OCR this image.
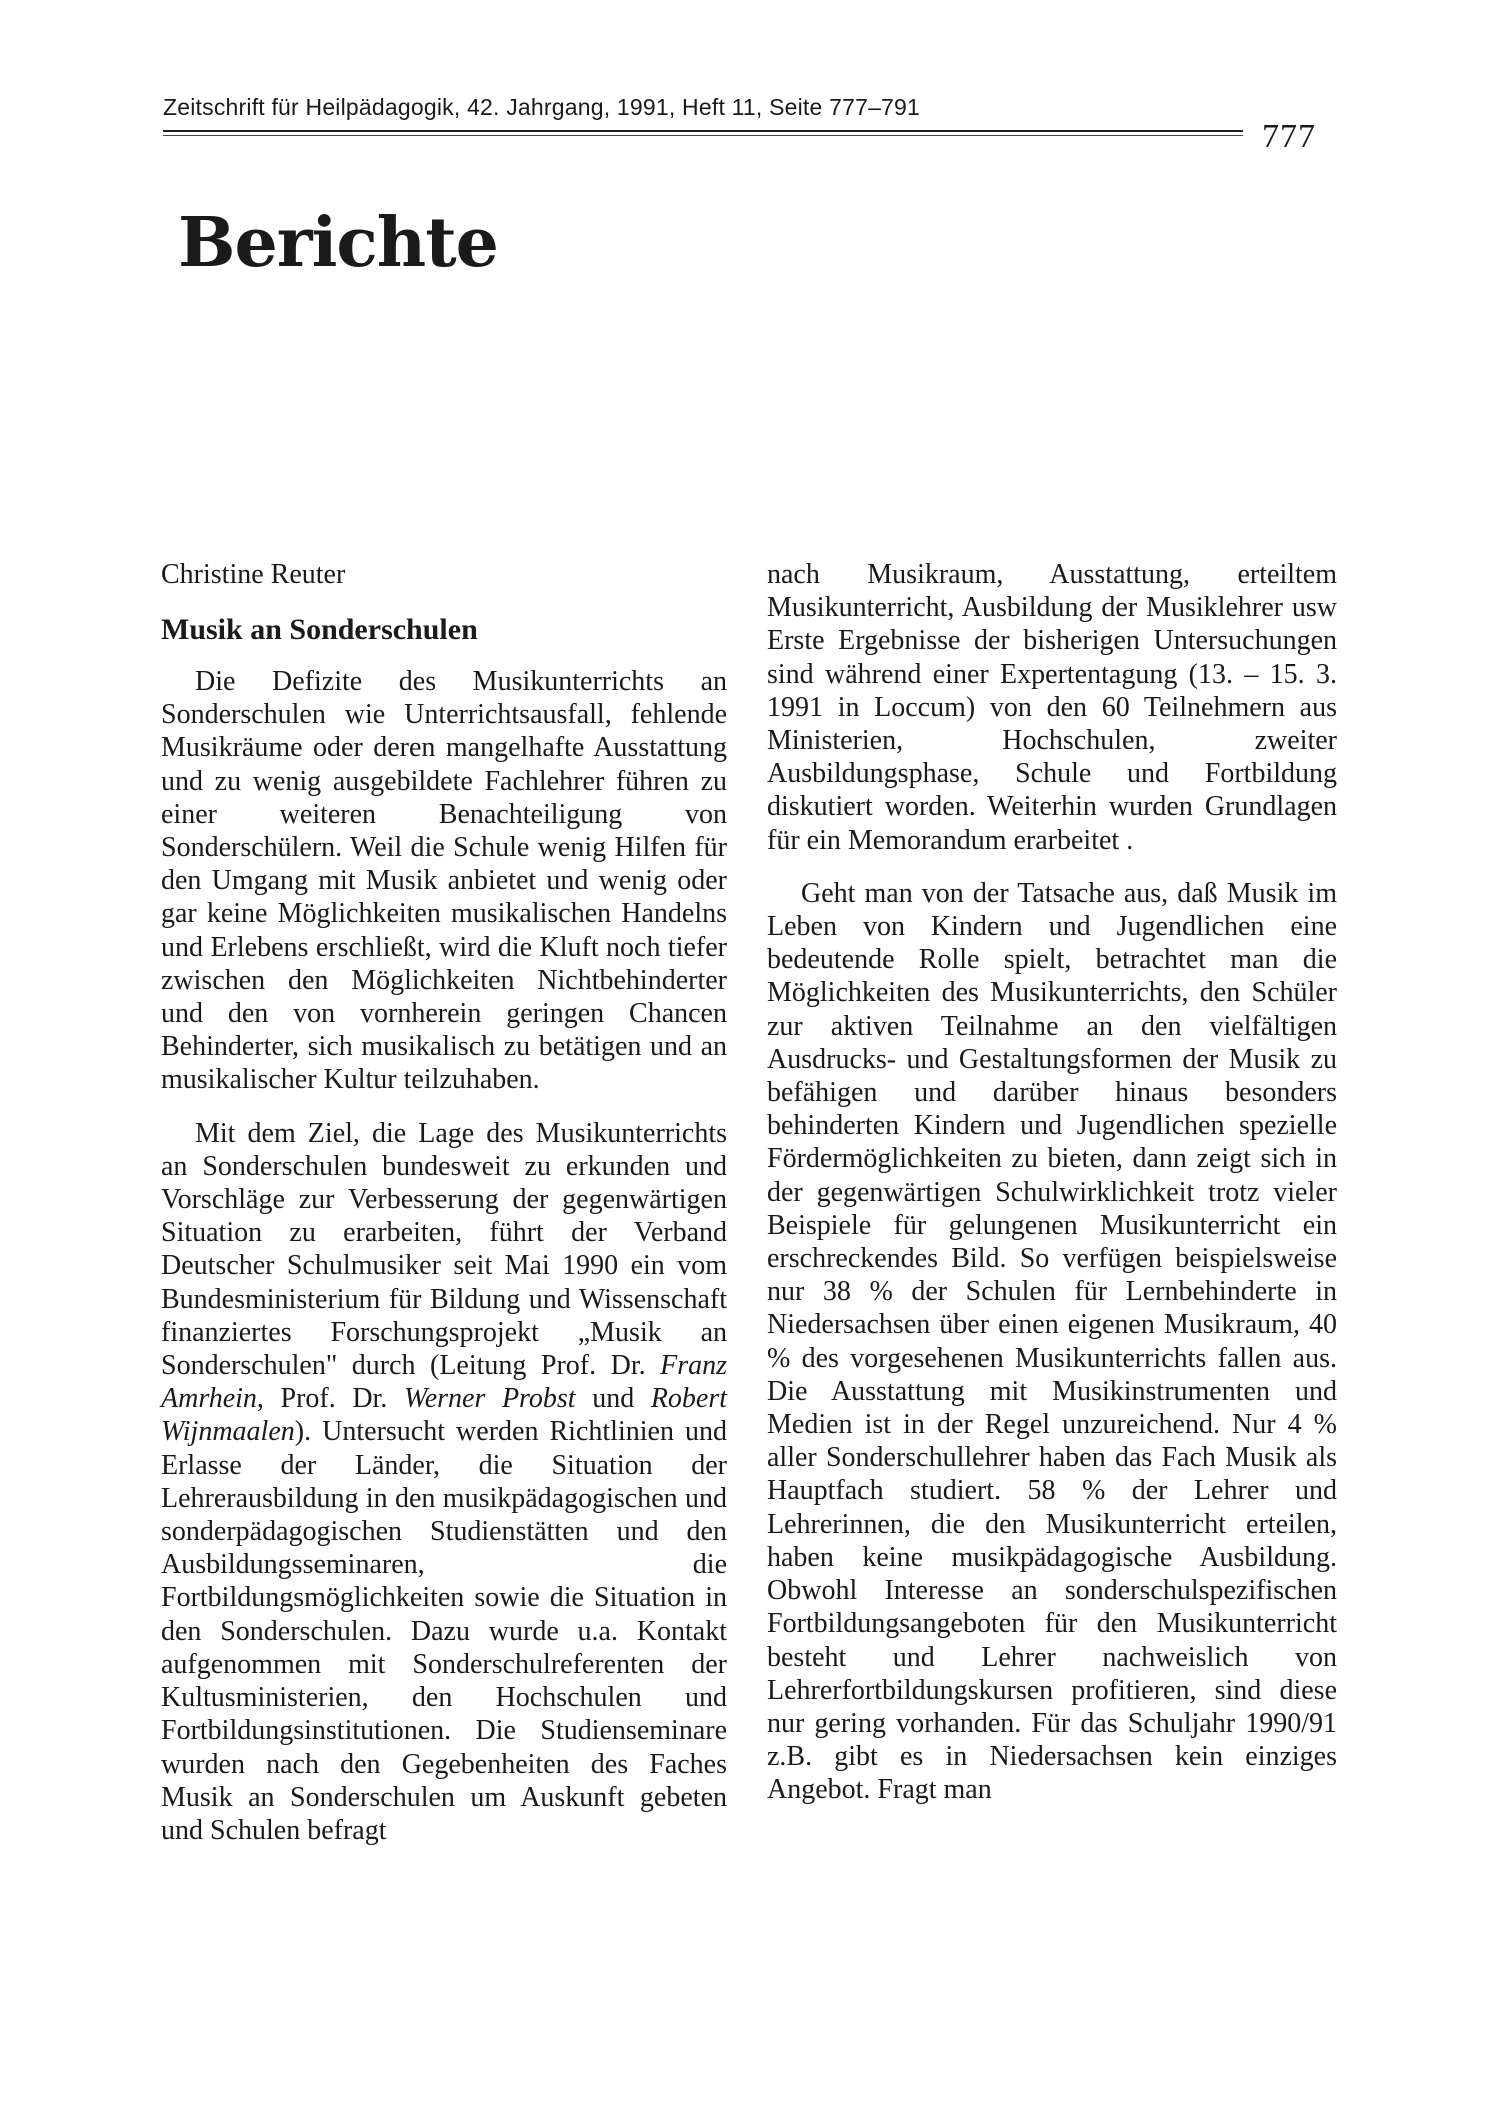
Zeitschrift für Heilpädagogik, 42. Jahrgang, 1991, Heft 11, Seite 777–791
777
Berichte
Christine Reuter
Musik an Sonderschulen

Die Defizite des Musikunterrichts an Sonderschulen wie Unterrichtsausfall, fehlende Musikräume oder deren mangelhafte Ausstattung und zu wenig ausgebildete Fachlehrer führen zu einer weiteren Benachteiligung von Sonderschülern. Weil die Schule wenig Hilfen für den Umgang mit Musik anbietet und wenig oder gar keine Möglichkeiten musikalischen Handelns und Erlebens erschließt, wird die Kluft noch tiefer zwischen den Möglichkeiten Nichtbehinderter und den von vornherein geringen Chancen Behinderter, sich musikalisch zu betätigen und an musikalischer Kultur teilzuhaben.

Mit dem Ziel, die Lage des Musikunterrichts an Sonderschulen bundesweit zu erkunden und Vorschläge zur Verbesserung der gegenwärtigen Situation zu erarbeiten, führt der Verband Deutscher Schulmusiker seit Mai 1990 ein vom Bundesministerium für Bildung und Wissenschaft finanziertes Forschungsprojekt „Musik an Sonderschulen" durch (Leitung Prof. Dr. Franz Amrhein, Prof. Dr. Werner Probst und Robert Wijnmaalen). Untersucht werden Richtlinien und Erlasse der Länder, die Situation der Lehrerausbildung in den musikpädagogischen und sonderpädagogischen Studienstätten und den Ausbildungsseminaren, die Fortbildungsmöglichkeiten sowie die Situation in den Sonderschulen. Dazu wurde u.a. Kontakt aufgenommen mit Sonderschulreferenten der Kultusministerien, den Hochschulen und Fortbildungsinstitutionen. Die Studienseminare wurden nach den Gegebenheiten des Faches Musik an Sonderschulen um Auskunft gebeten und Schulen befragt

nach Musikraum, Ausstattung, erteiltem Musikunterricht, Ausbildung der Musiklehrer usw Erste Ergebnisse der bisherigen Untersuchungen sind während einer Expertentagung (13. – 15. 3. 1991 in Loccum) von den 60 Teilnehmern aus Ministerien, Hochschulen, zweiter Ausbildungsphase, Schule und Fortbildung diskutiert worden. Weiterhin wurden Grundlagen für ein Memorandum erarbeitet .

Geht man von der Tatsache aus, daß Musik im Leben von Kindern und Jugendlichen eine bedeutende Rolle spielt, betrachtet man die Möglichkeiten des Musikunterrichts, den Schüler zur aktiven Teilnahme an den vielfältigen Ausdrucks- und Gestaltungsformen der Musik zu befähigen und darüber hinaus besonders behinderten Kindern und Jugendlichen spezielle Fördermöglichkeiten zu bieten, dann zeigt sich in der gegenwärtigen Schulwirklichkeit trotz vieler Beispiele für gelungenen Musikunterricht ein erschreckendes Bild. So verfügen beispielsweise nur 38 % der Schulen für Lernbehinderte in Niedersachsen über einen eigenen Musikraum, 40 % des vorgesehenen Musikunterrichts fallen aus. Die Ausstattung mit Musikinstrumenten und Medien ist in der Regel unzureichend. Nur 4 % aller Sonderschullehrer haben das Fach Musik als Hauptfach studiert. 58 % der Lehrer und Lehrerinnen, die den Musikunterricht erteilen, haben keine musikpädagogische Ausbildung. Obwohl Interesse an sonderschulspezifischen Fortbildungsangeboten für den Musikunterricht besteht und Lehrer nachweislich von Lehrerfortbildungskursen profitieren, sind diese nur gering vorhanden. Für das Schuljahr 1990/91 z.B. gibt es in Niedersachsen kein einziges Angebot. Fragt man
